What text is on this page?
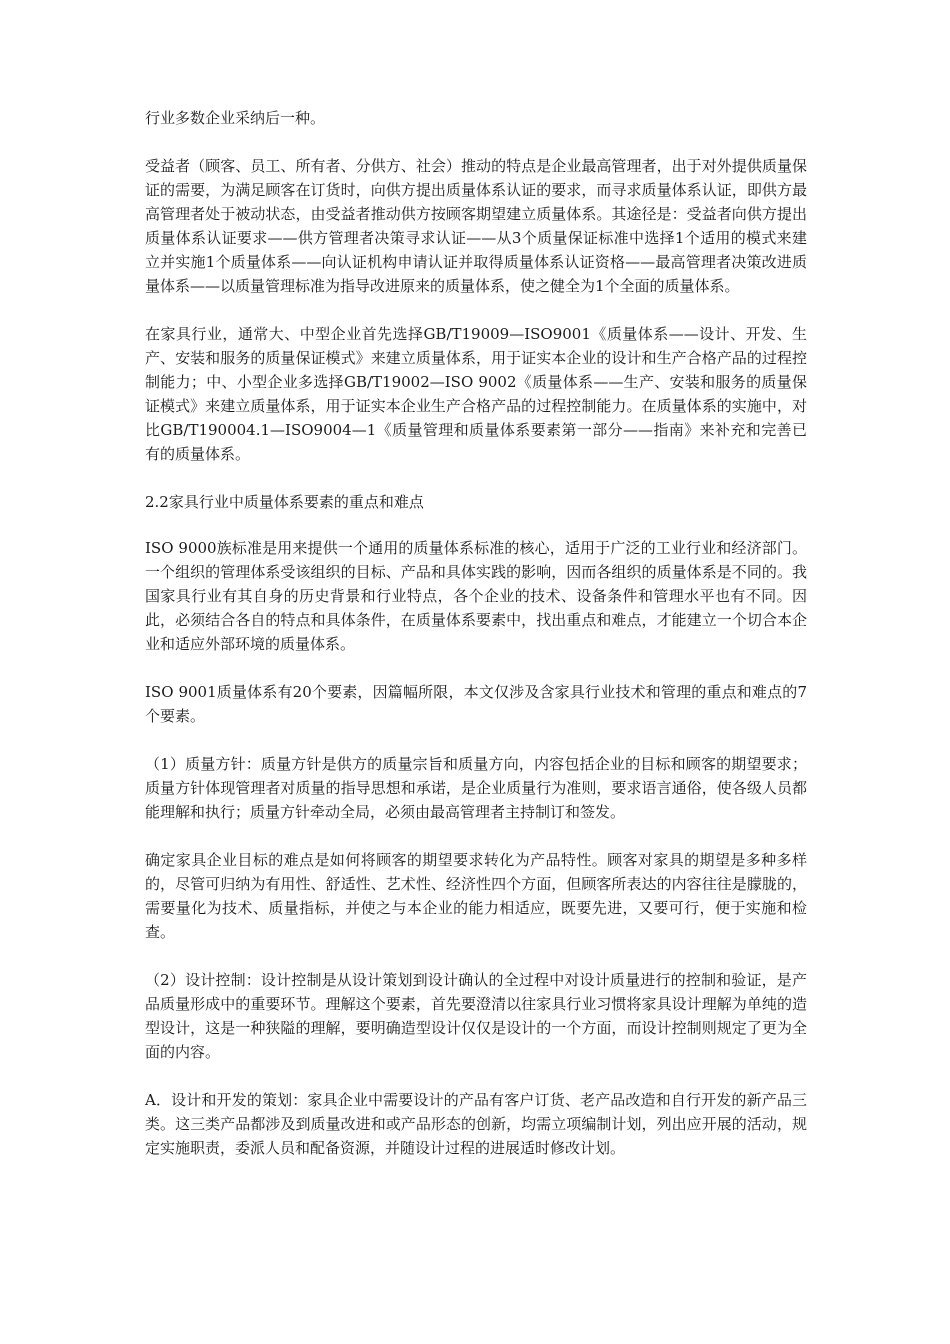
行业多数企业采纳后一种。

受益者（顾客、员工、所有者、分供方、社会）推动的特点是企业最高管理者，出于对外提供质量保证的需要，为满足顾客在订货时，向供方提出质量体系认证的要求，而寻求质量体系认证，即供方最高管理者处于被动状态，由受益者推动供方按顾客期望建立质量体系。其途径是：受益者向供方提出质量体系认证要求——供方管理者决策寻求认证——从3个质量保证标准中选择1个适用的模式来建立并实施1个质量体系——向认证机构申请认证并取得质量体系认证资格——最高管理者决策改进质量体系——以质量管理标准为指导改进原来的质量体系，使之健全为1个全面的质量体系。

在家具行业，通常大、中型企业首先选择GB/T19009—ISO9001《质量体系——设计、开发、生产、安装和服务的质量保证模式》来建立质量体系，用于证实本企业的设计和生产合格产品的过程控制能力；中、小型企业多选择GB/T19002—ISO 9002《质量体系——生产、安装和服务的质量保证模式》来建立质量体系，用于证实本企业生产合格产品的过程控制能力。在质量体系的实施中，对比GB/T190004.1—ISO9004—1《质量管理和质量体系要素第一部分——指南》来补充和完善已有的质量体系。

2.2家具行业中质量体系要素的重点和难点

ISO 9000族标准是用来提供一个通用的质量体系标准的核心，适用于广泛的工业行业和经济部门。一个组织的管理体系受该组织的目标、产品和具体实践的影响，因而各组织的质量体系是不同的。我国家具行业有其自身的历史背景和行业特点，各个企业的技术、设备条件和管理水平也有不同。因此，必须结合各自的特点和具体条件，在质量体系要素中，找出重点和难点，才能建立一个切合本企业和适应外部环境的质量体系。

ISO 9001质量体系有20个要素，因篇幅所限，本文仅涉及含家具行业技术和管理的重点和难点的7个要素。

（1）质量方针：质量方针是供方的质量宗旨和质量方向，内容包括企业的目标和顾客的期望要求；质量方针体现管理者对质量的指导思想和承诺，是企业质量行为准则，要求语言通俗，使各级人员都能理解和执行；质量方针牵动全局，必须由最高管理者主持制订和签发。

确定家具企业目标的难点是如何将顾客的期望要求转化为产品特性。顾客对家具的期望是多种多样的，尽管可归纳为有用性、舒适性、艺术性、经济性四个方面，但顾客所表达的内容往往是朦胧的，需要量化为技术、质量指标，并使之与本企业的能力相适应，既要先进，又要可行，便于实施和检查。

（2）设计控制：设计控制是从设计策划到设计确认的全过程中对设计质量进行的控制和验证，是产品质量形成中的重要环节。理解这个要素，首先要澄清以往家具行业习惯将家具设计理解为单纯的造型设计，这是一种狭隘的理解，要明确造型设计仅仅是设计的一个方面，而设计控制则规定了更为全面的内容。

A．设计和开发的策划：家具企业中需要设计的产品有客户订货、老产品改造和自行开发的新产品三类。这三类产品都涉及到质量改进和或产品形态的创新，均需立项编制计划，列出应开展的活动，规定实施职责，委派人员和配备资源，并随设计过程的进展适时修改计划。
